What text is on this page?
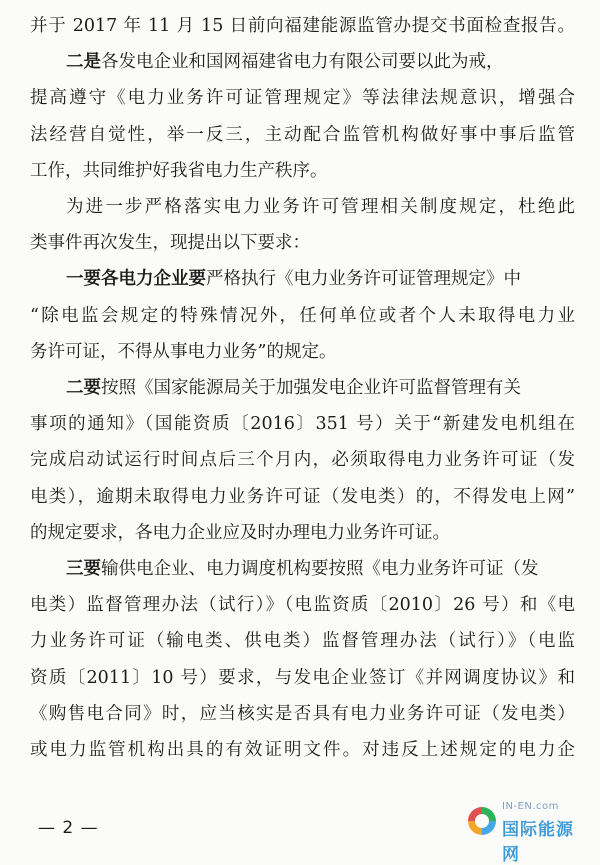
并于 2017 年 11 月 15 日前向福建能源监管办提交书面检查报告。
二是各发电企业和国网福建省电力有限公司要以此为戒，
提高遵守《电力业务许可证管理规定》等法律法规意识，增强合
法经营自觉性，举一反三，主动配合监管机构做好事中事后监管
工作，共同维护好我省电力生产秩序。
为进一步严格落实电力业务许可管理相关制度规定，杜绝此
类事件再次发生，现提出以下要求：
一要各电力企业要严格执行《电力业务许可证管理规定》中
“除电监会规定的特殊情况外，任何单位或者个人未取得电力业
务许可证，不得从事电力业务”的规定。
二要按照《国家能源局关于加强发电企业许可监督管理有关
事项的通知》（国能资质〔2016〕351 号）关于“新建发电机组在
完成启动试运行时间点后三个月内，必须取得电力业务许可证（发
电类），逾期未取得电力业务许可证（发电类）的，不得发电上网”
的规定要求，各电力企业应及时办理电力业务许可证。
三要输供电企业、电力调度机构要按照《电力业务许可证（发
电类）监督管理办法（试行）》（电监资质〔2010〕26 号）和《电
力业务许可证（输电类、供电类）监督管理办法（试行）》（电监
资质〔2011〕10 号）要求，与发电企业签订《并网调度协议》和
《购售电合同》时，应当核实是否具有电力业务许可证（发电类）
或电力监管机构出具的有效证明文件。对违反上述规定的电力企
— 2 —
IN-EN.com
国际能源网
